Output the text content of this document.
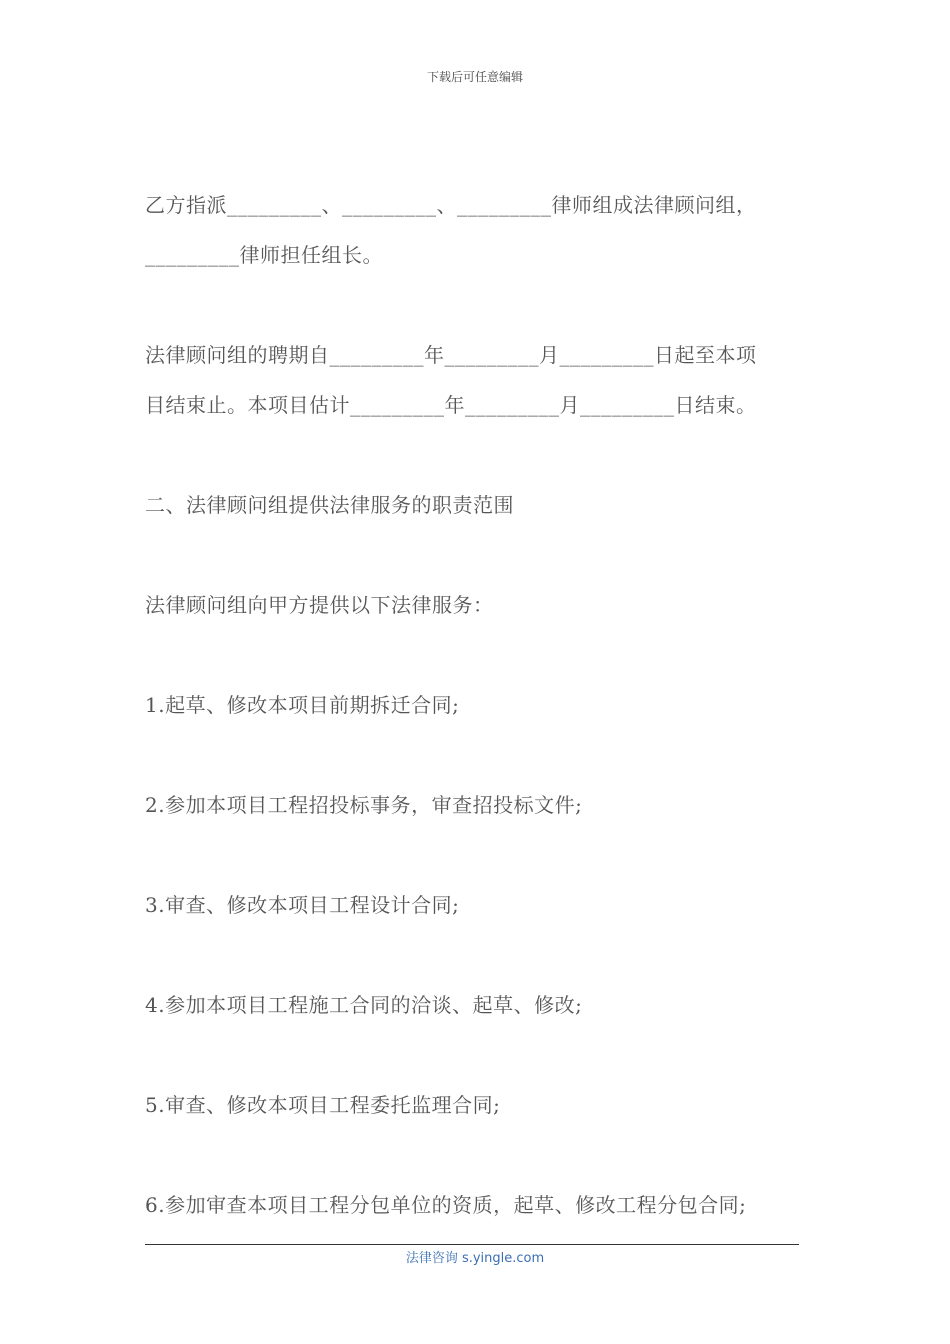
下载后可任意编辑
乙方指派_________、_________、_________律师组成法律顾问组，
_________律师担任组长。
法律顾问组的聘期自_________年_________月_________日起至本项
目结束止。本项目估计_________年_________月_________日结束。
二、法律顾问组提供法律服务的职责范围
法律顾问组向甲方提供以下法律服务：
1.起草、修改本项目前期拆迁合同;
2.参加本项目工程招投标事务，审查招投标文件;
3.审查、修改本项目工程设计合同;
4.参加本项目工程施工合同的洽谈、起草、修改;
5.审查、修改本项目工程委托监理合同;
6.参加审查本项目工程分包单位的资质，起草、修改工程分包合同;
法律咨询 s.yingle.com
